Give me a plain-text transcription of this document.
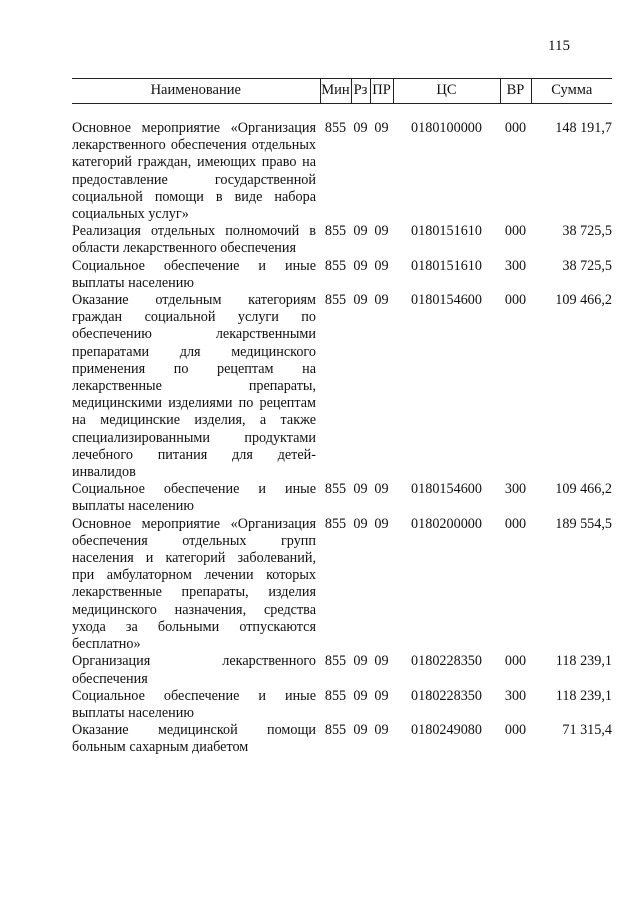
115
Наименование	Мин	Рз	ПР	ЦС	ВР	Сумма

Основное мероприятие «Организация лекарственного обеспечения отдельных категорий граждан, имеющих право на предоставление государственной социальной помощи в виде набора социальных услуг»	855	09	09	0180100000	000	148 191,7
Реализация отдельных полномочий в области лекарственного обеспечения	855	09	09	0180151610	000	38 725,5
Социальное обеспечение и иные выплаты населению	855	09	09	0180151610	300	38 725,5
Оказание отдельным категориям граждан социальной услуги по обеспечению лекарственными препаратами для медицинского применения по рецептам на лекарственные препараты, медицинскими изделиями по рецептам на медицинские изделия, а также специализированными продуктами лечебного питания для детей-инвалидов	855	09	09	0180154600	000	109 466,2
Социальное обеспечение и иные выплаты населению	855	09	09	0180154600	300	109 466,2
Основное мероприятие «Организация обеспечения отдельных групп населения и категорий заболеваний, при амбулаторном лечении которых лекарственные препараты, изделия медицинского назначения, средства ухода за больными отпускаются бесплатно»	855	09	09	0180200000	000	189 554,5
Организация лекарственного обеспечения	855	09	09	0180228350	000	118 239,1
Социальное обеспечение и иные выплаты населению	855	09	09	0180228350	300	118 239,1
Оказание медицинской помощи больным сахарным диабетом	855	09	09	0180249080	000	71 315,4
